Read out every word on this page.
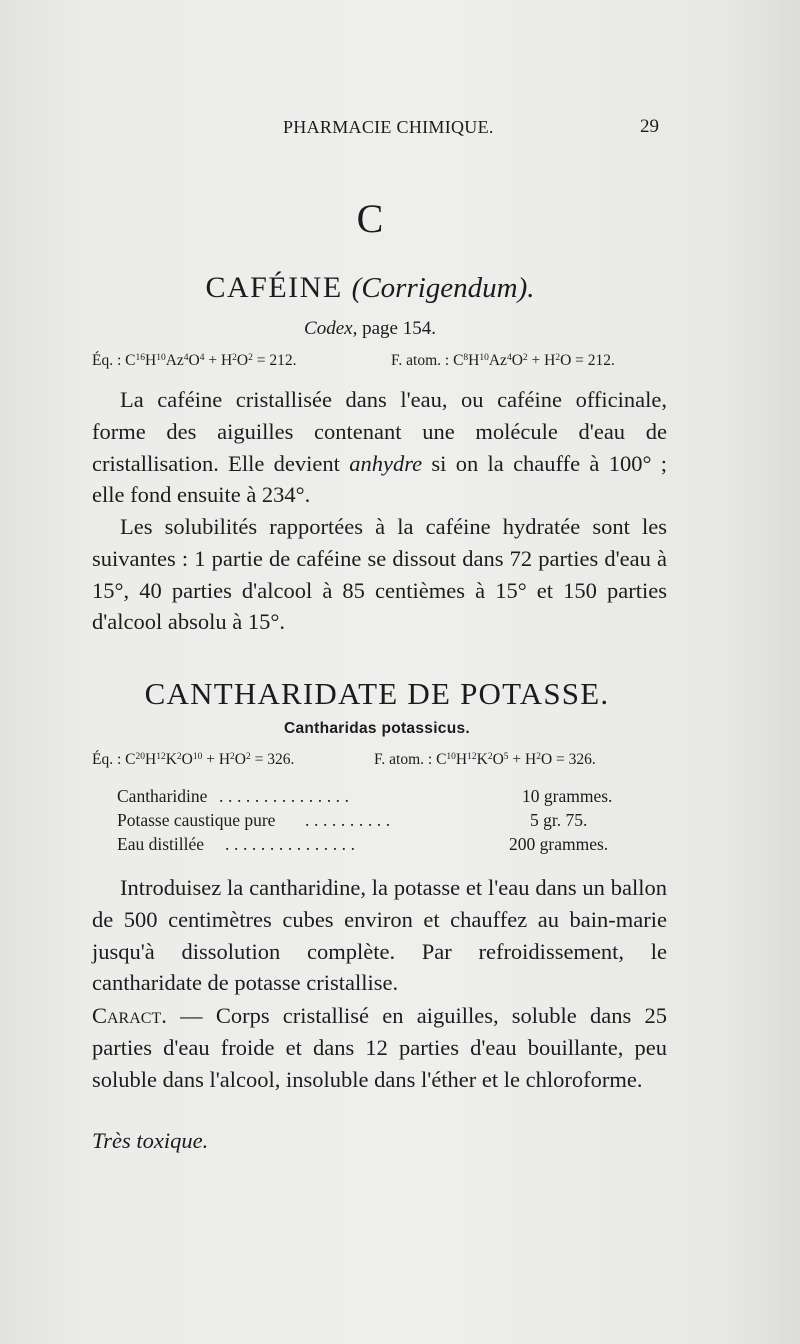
PHARMACIE CHIMIQUE.	29
C
CAFÉINE (Corrigendum).
Codex, page 154.
Éq. : $C^{16}H^{10}Az^4O^4 + H^2O^2 = 212$.	F. atom. : $C^8H^{10}Az^4O^2 + H^2O = 212$.
La caféine cristallisée dans l'eau, ou caféine officinale, forme des aiguilles contenant une molécule d'eau de cristallisation. Elle devient anhydre si on la chauffe à 100° ; elle fond ensuite à 234°.
Les solubilités rapportées à la caféine hydratée sont les suivantes : 1 partie de caféine se dissout dans 72 parties d'eau à 15°, 40 parties d'alcool à 85 centièmes à 15° et 150 parties d'alcool absolu à 15°.
CANTHARIDATE DE POTASSE.
Cantharidas potassicus.
Éq. : $C^{20}H^{12}K^2O^{10} + H^2O^2 = 326$.	F. atom. : $C^{10}H^{12}K^2O^5 + H^2O = 326$.
Cantharidine ...............	10 grammes.
Potasse caustique pure ..........	5 gr. 75.
Eau distillée ...............	200 grammes.
Introduisez la cantharidine, la potasse et l'eau dans un ballon de 500 centimètres cubes environ et chauffez au bain-marie jusqu'à dissolution complète. Par refroidissement, le cantharidate de potasse cristallise.
Caract. — Corps cristallisé en aiguilles, soluble dans 25 parties d'eau froide et dans 12 parties d'eau bouillante, peu soluble dans l'alcool, insoluble dans l'éther et le chloroforme.
Très toxique.
